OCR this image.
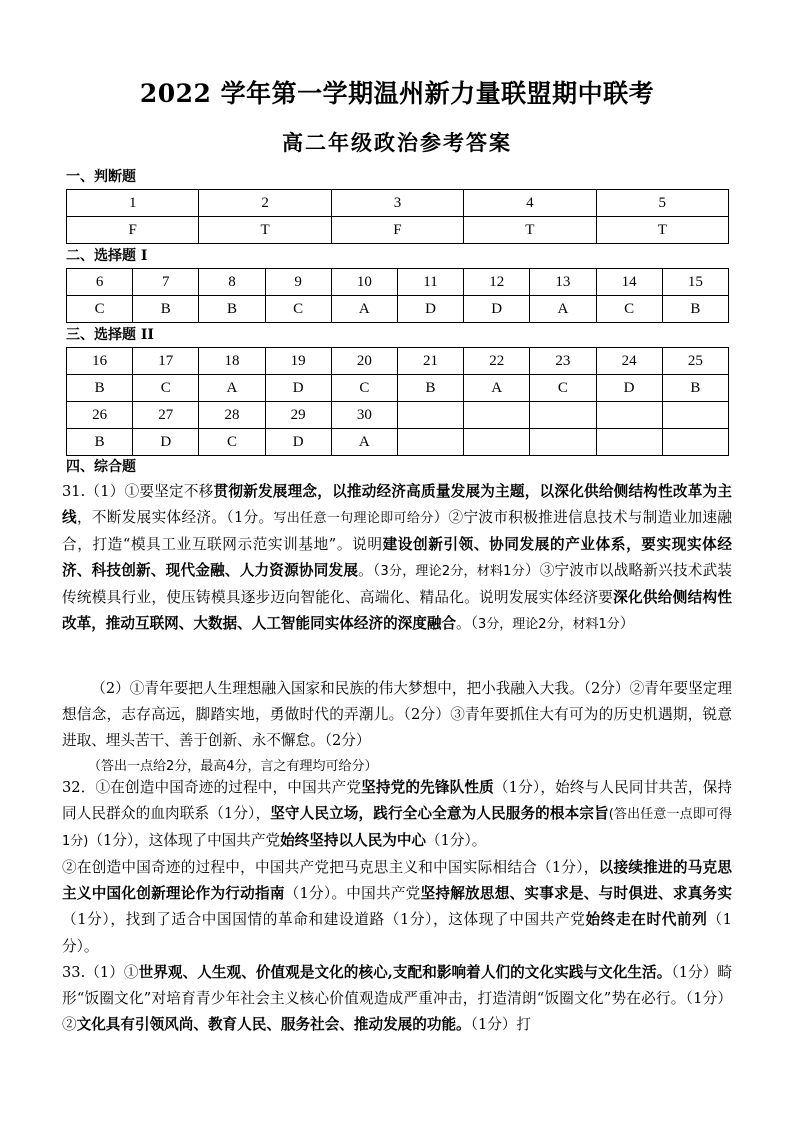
2022 学年第一学期温州新力量联盟期中联考
高二年级政治参考答案
一、判断题
1	2	3	4	5
F	T	F	T	T
二、选择题 I
6	7	8	9	10	11	12	13	14	15
C	B	B	C	A	D	D	A	C	B
三、选择题 II
16	17	18	19	20	21	22	23	24	25
B	C	A	D	C	B	A	C	D	B
26	27	28	29	30					
B	D	C	D	A					
四、综合题

31.（1）①要坚定不移贯彻新发展理念，以推动经济高质量发展为主题，以深化供给侧结构性改革为主线，不断发展实体经济。（1分。写出任意一句理论即可给分）②宁波市积极推进信息技术与制造业加速融合，打造“模具工业互联网示范实训基地”。说明建设创新引领、协同发展的产业体系，要实现实体经济、科技创新、现代金融、人力资源协同发展。（3分，理论2分，材料1分）③宁波市以战略新兴技术武装传统模具行业，使压铸模具逐步迈向智能化、高端化、精品化。说明发展实体经济要深化供给侧结构性改革，推动互联网、大数据、人工智能同实体经济的深度融合。（3分，理论2分，材料1分）

（2）①青年要把人生理想融入国家和民族的伟大梦想中，把小我融入大我。（2分）②青年要坚定理想信念，志存高远，脚踏实地，勇做时代的弄潮儿。（2分）③青年要抓住大有可为的历史机遇期，锐意进取、埋头苦干、善于创新、永不懈怠。（2分）

（答出一点给2分，最高4分，言之有理均可给分）

32．①在创造中国奇迹的过程中，中国共产党坚持党的先锋队性质（1分），始终与人民同甘共苦，保持同人民群众的血肉联系（1分），坚守人民立场，践行全心全意为人民服务的根本宗旨(答出任意一点即可得1分)（1分），这体现了中国共产党始终坚持以人民为中心（1分）。

②在创造中国奇迹的过程中，中国共产党把马克思主义和中国实际相结合（1分），以接续推进的马克思主义中国化创新理论作为行动指南（1分）。中国共产党坚持解放思想、实事求是、与时俱进、求真务实（1分），找到了适合中国国情的革命和建设道路（1分），这体现了中国共产党始终走在时代前列（1分）。

33.（1）①世界观、人生观、价值观是文化的核心,支配和影响着人们的文化实践与文化生活。（1分）畸形“饭圈文化”对培育青少年社会主义核心价值观造成严重冲击，打造清朗“饭圈文化”势在必行。（1分）②文化具有引领风尚、教育人民、服务社会、推动发展的功能。（1分）打
